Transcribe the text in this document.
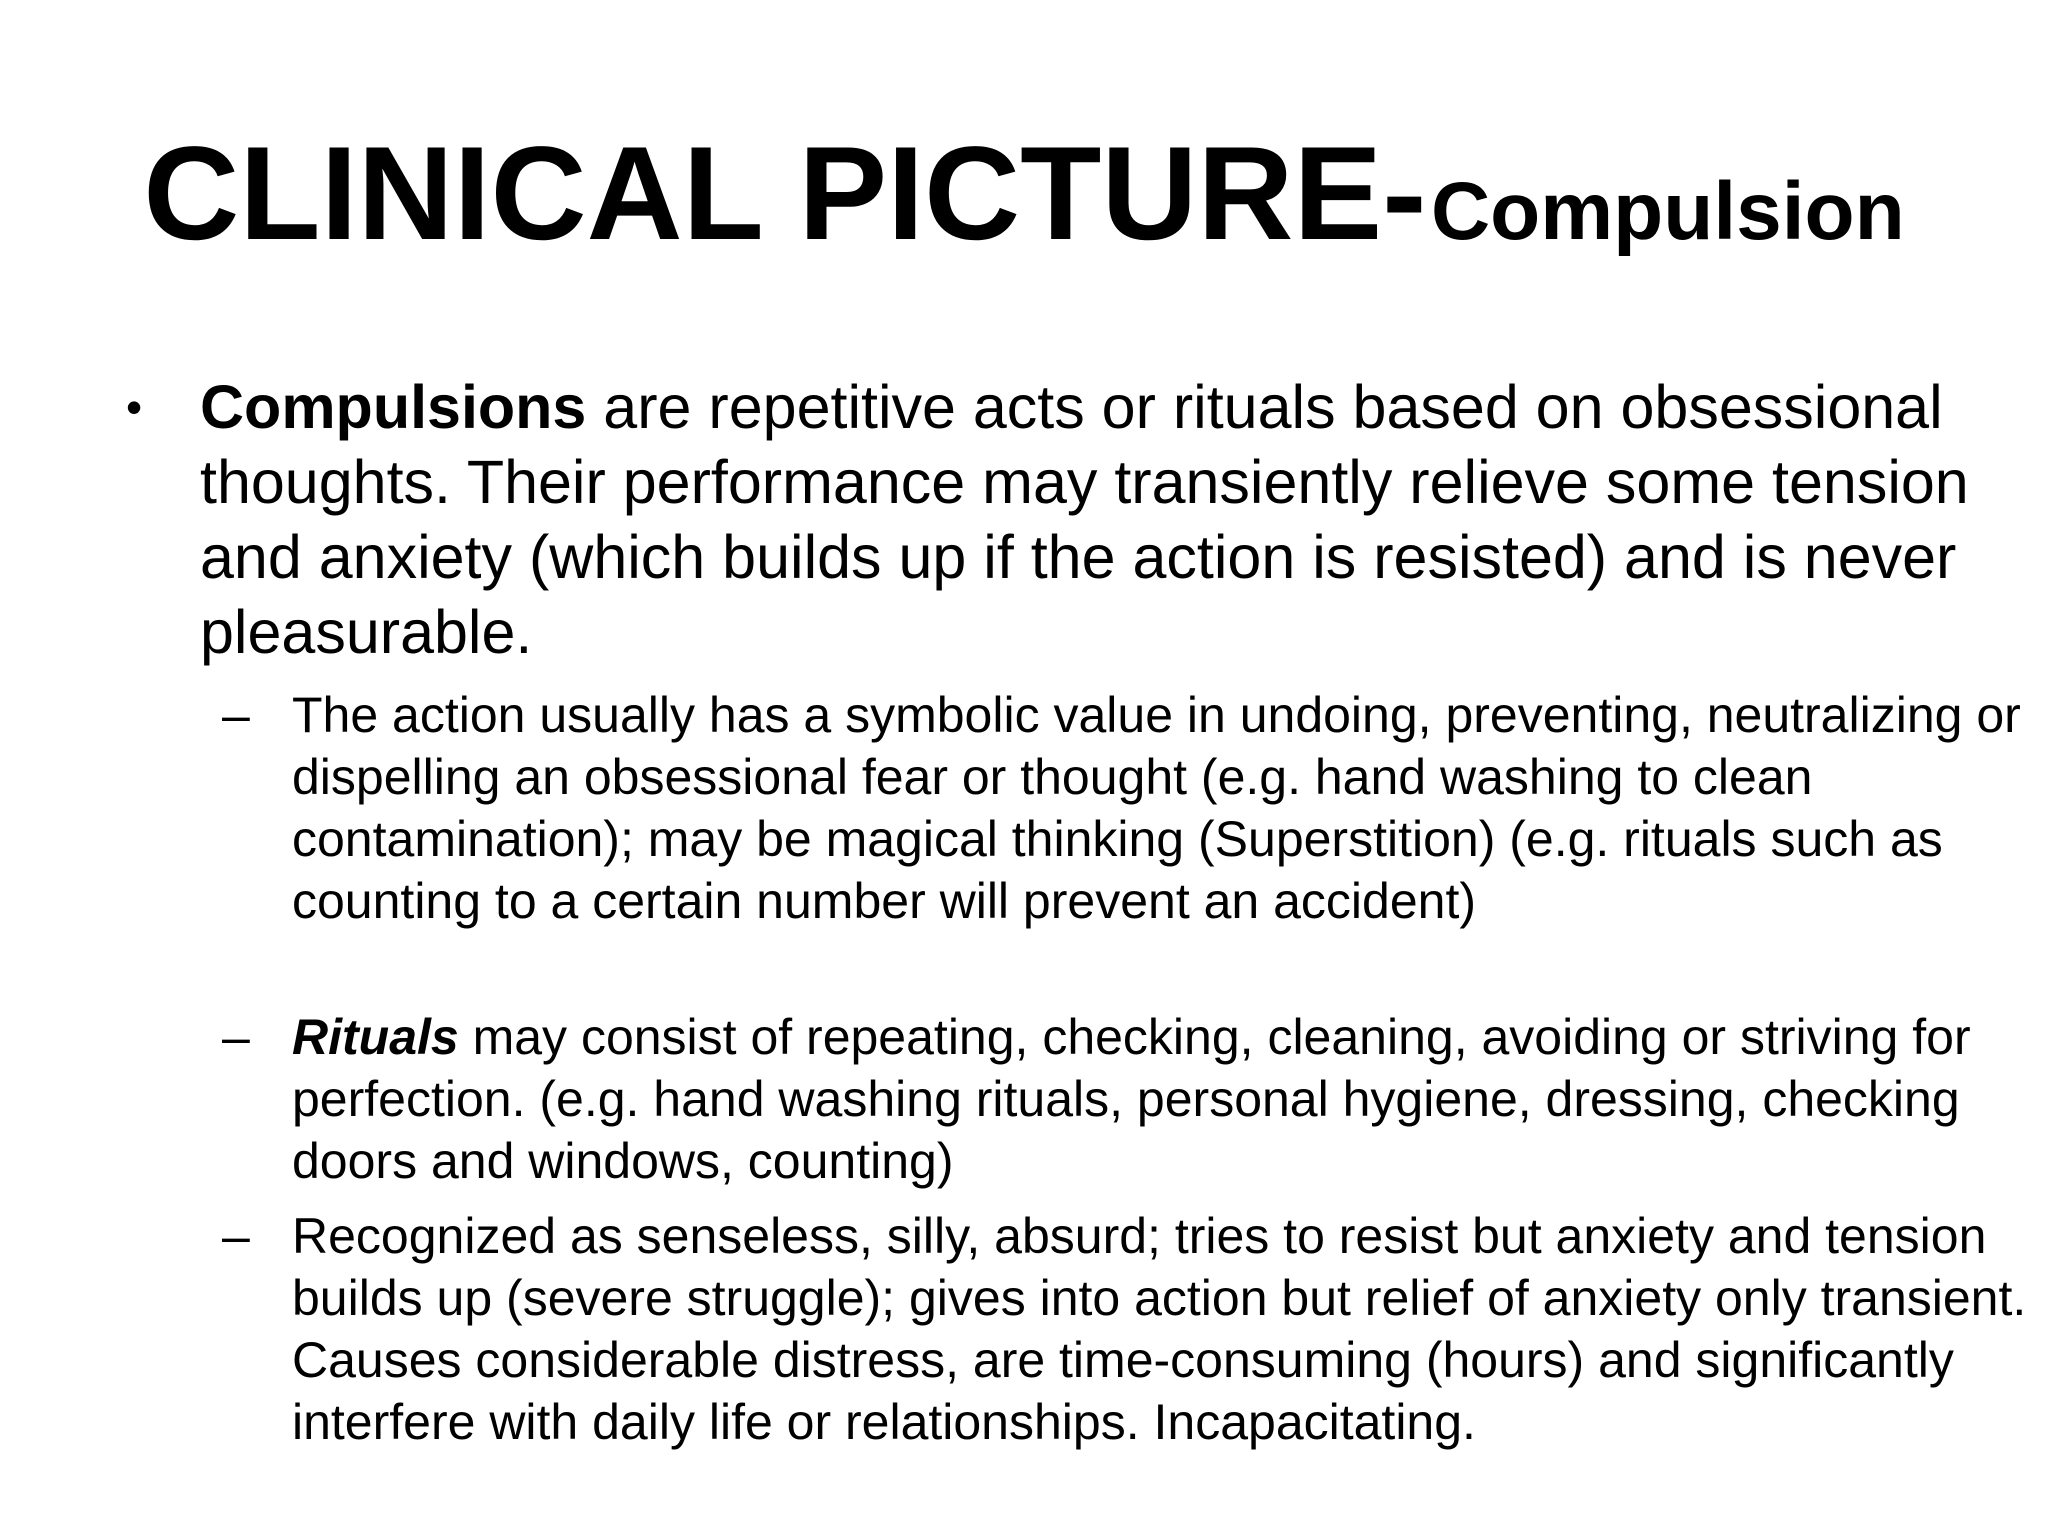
CLINICAL PICTURE- Compulsion
• Compulsions are repetitive acts or rituals based on obsessional thoughts. Their performance may transiently relieve some tension and anxiety (which builds up if the action is resisted) and is never pleasurable.
– The action usually has a symbolic value in undoing, preventing, neutralizing or dispelling an obsessional fear or thought (e.g. hand washing to clean contamination); may be magical thinking (Superstition) (e.g. rituals such as counting to a certain number will prevent an accident)
– Rituals may consist of repeating, checking, cleaning, avoiding or striving for perfection. (e.g. hand washing rituals, personal hygiene, dressing, checking doors and windows, counting)
– Recognized as senseless, silly, absurd; tries to resist but anxiety and tension builds up (severe struggle); gives into action but relief of anxiety only transient. Causes considerable distress, are time-consuming (hours) and significantly interfere with daily life or relationships. Incapacitating.
